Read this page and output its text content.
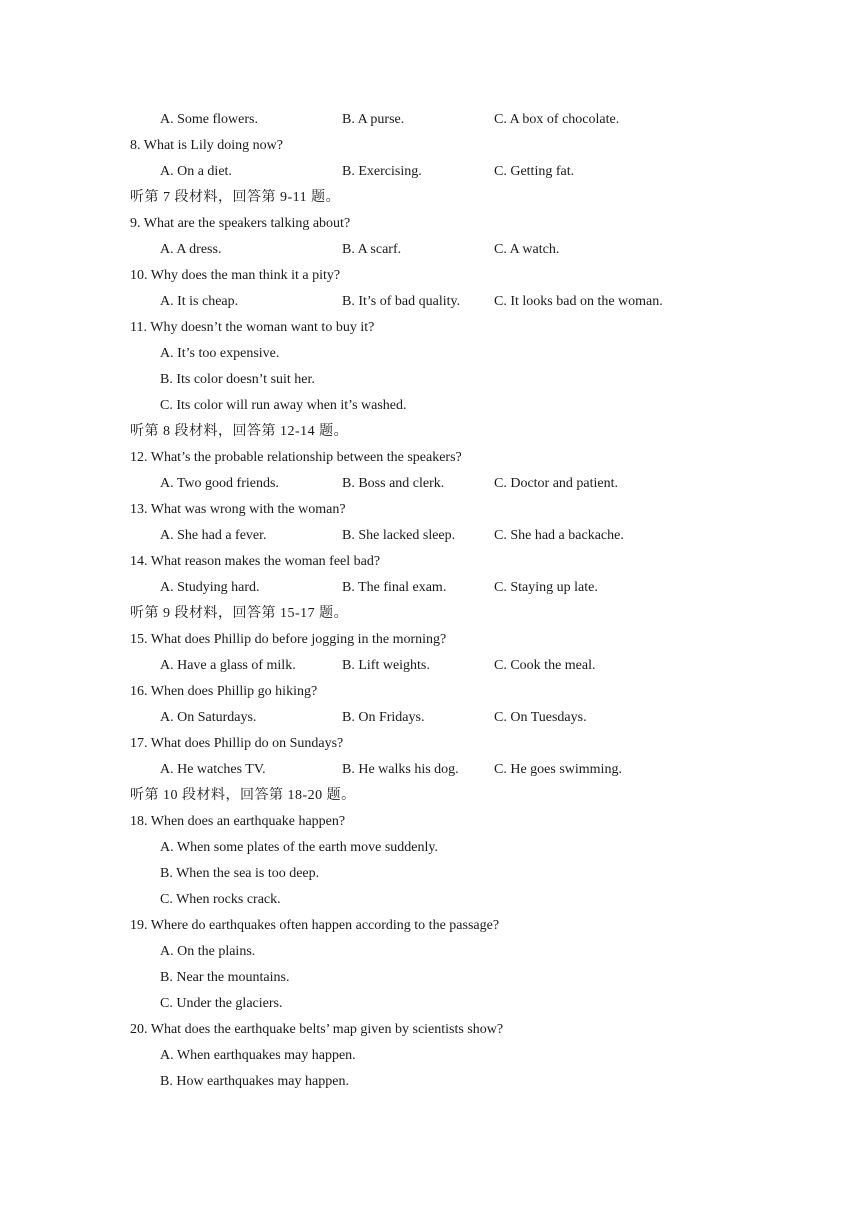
A. Some flowers.	B. A purse.	C. A box of chocolate.
8. What is Lily doing now?
A. On a diet.	B. Exercising.	C. Getting fat.
听第 7 段材料，回答第 9-11 题。
9. What are the speakers talking about?
A. A dress.	B. A scarf.	C. A watch.
10. Why does the man think it a pity?
A. It is cheap.	B. It’s of bad quality. C. It looks bad on the woman.
11. Why doesn’t the woman want to buy it?
A. It’s too expensive.
B. Its color doesn’t suit her.
C. Its color will run away when it’s washed.
听第 8 段材料，回答第 12-14 题。
12. What’s the probable relationship between the speakers?
A. Two good friends.	B. Boss and clerk.	C. Doctor and patient.
13. What was wrong with the woman?
A. She had a fever.	B. She lacked sleep.	C. She had a backache.
14. What reason makes the woman feel bad?
A. Studying hard.	B. The final exam.	C. Staying up late.
听第 9 段材料，回答第 15-17 题。
15. What does Phillip do before jogging in the morning?
A. Have a glass of milk.	B. Lift weights.	C. Cook the meal.
16. When does Phillip go hiking?
A. On Saturdays.	B. On Fridays.	C. On Tuesdays.
17. What does Phillip do on Sundays?
A. He watches TV.	B. He walks his dog.	C. He goes swimming.
听第 10 段材料，回答第 18-20 题。
18. When does an earthquake happen?
A. When some plates of the earth move suddenly.
B. When the sea is too deep.
C. When rocks crack.
19. Where do earthquakes often happen according to the passage?
A. On the plains.
B. Near the mountains.
C. Under the glaciers.
20. What does the earthquake belts’ map given by scientists show?
A. When earthquakes may happen.
B. How earthquakes may happen.
